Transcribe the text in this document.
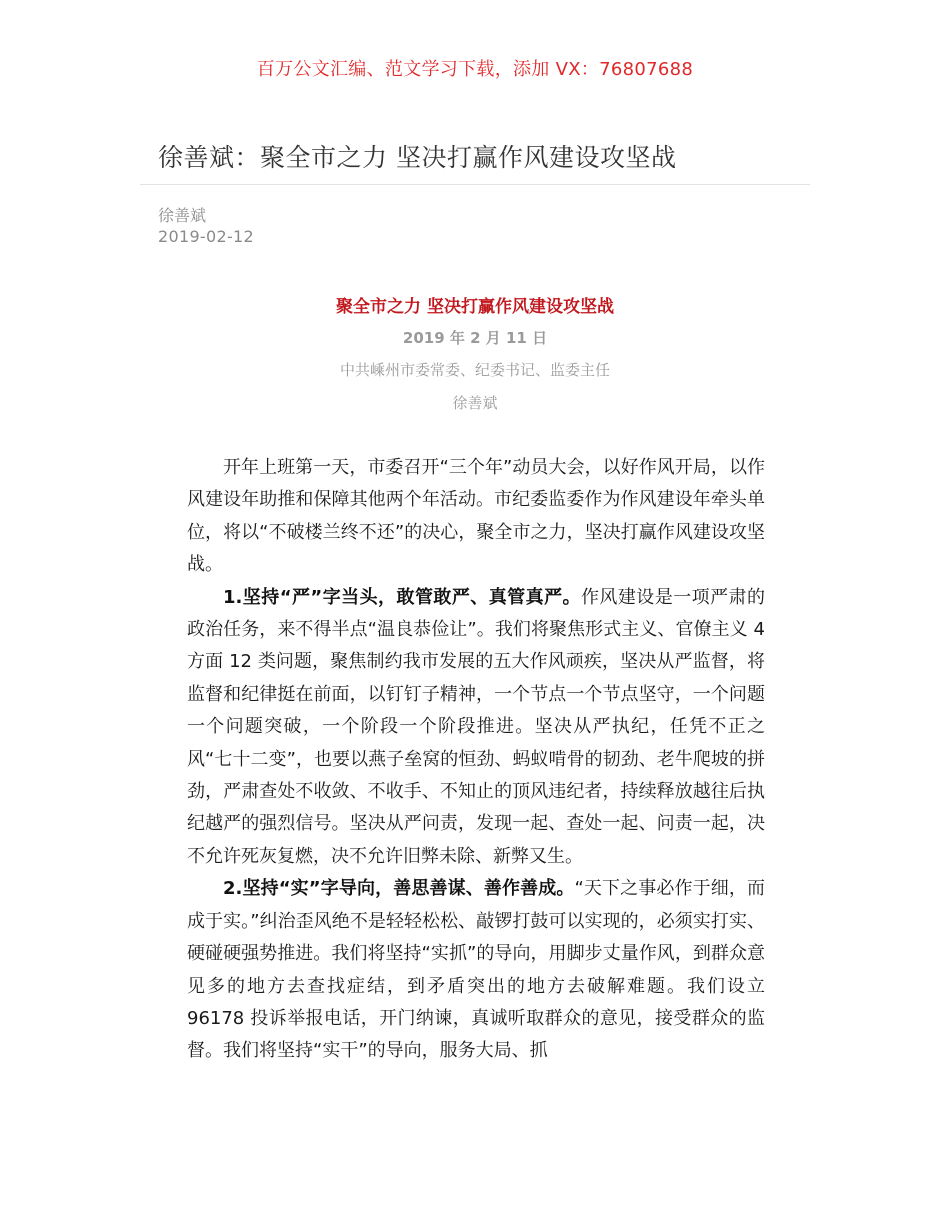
百万公文汇编、范文学习下载，添加 VX：76807688
徐善斌：聚全市之力 坚决打赢作风建设攻坚战
徐善斌
2019-02-12
聚全市之力 坚决打赢作风建设攻坚战
2019 年 2 月 11 日
中共嵊州市委常委、纪委书记、监委主任
徐善斌

开年上班第一天，市委召开“三个年”动员大会，以好作风开局，以作风建设年助推和保障其他两个年活动。市纪委监委作为作风建设年牵头单位，将以“不破楼兰终不还”的决心，聚全市之力，坚决打赢作风建设攻坚战。

1.坚持“严”字当头，敢管敢严、真管真严。作风建设是一项严肃的政治任务，来不得半点“温良恭俭让”。我们将聚焦形式主义、官僚主义 4 方面 12 类问题，聚焦制约我市发展的五大作风顽疾，坚决从严监督，将监督和纪律挺在前面，以钉钉子精神，一个节点一个节点坚守，一个问题一个问题突破，一个阶段一个阶段推进。坚决从严执纪，任凭不正之风“七十二变”，也要以燕子垒窝的恒劲、蚂蚁啃骨的韧劲、老牛爬坡的拼劲，严肃查处不收敛、不收手、不知止的顶风违纪者，持续释放越往后执纪越严的强烈信号。坚决从严问责，发现一起、查处一起、问责一起，决不允许死灰复燃，决不允许旧弊未除、新弊又生。

2.坚持“实”字导向，善思善谋、善作善成。“天下之事必作于细，而成于实。”纠治歪风绝不是轻轻松松、敲锣打鼓可以实现的，必须实打实、硬碰硬强势推进。我们将坚持“实抓”的导向，用脚步丈量作风，到群众意见多的地方去查找症结，到矛盾突出的地方去破解难题。我们设立 96178 投诉举报电话，开门纳谏，真诚听取群众的意见，接受群众的监督。我们将坚持“实干”的导向，服务大局、抓
